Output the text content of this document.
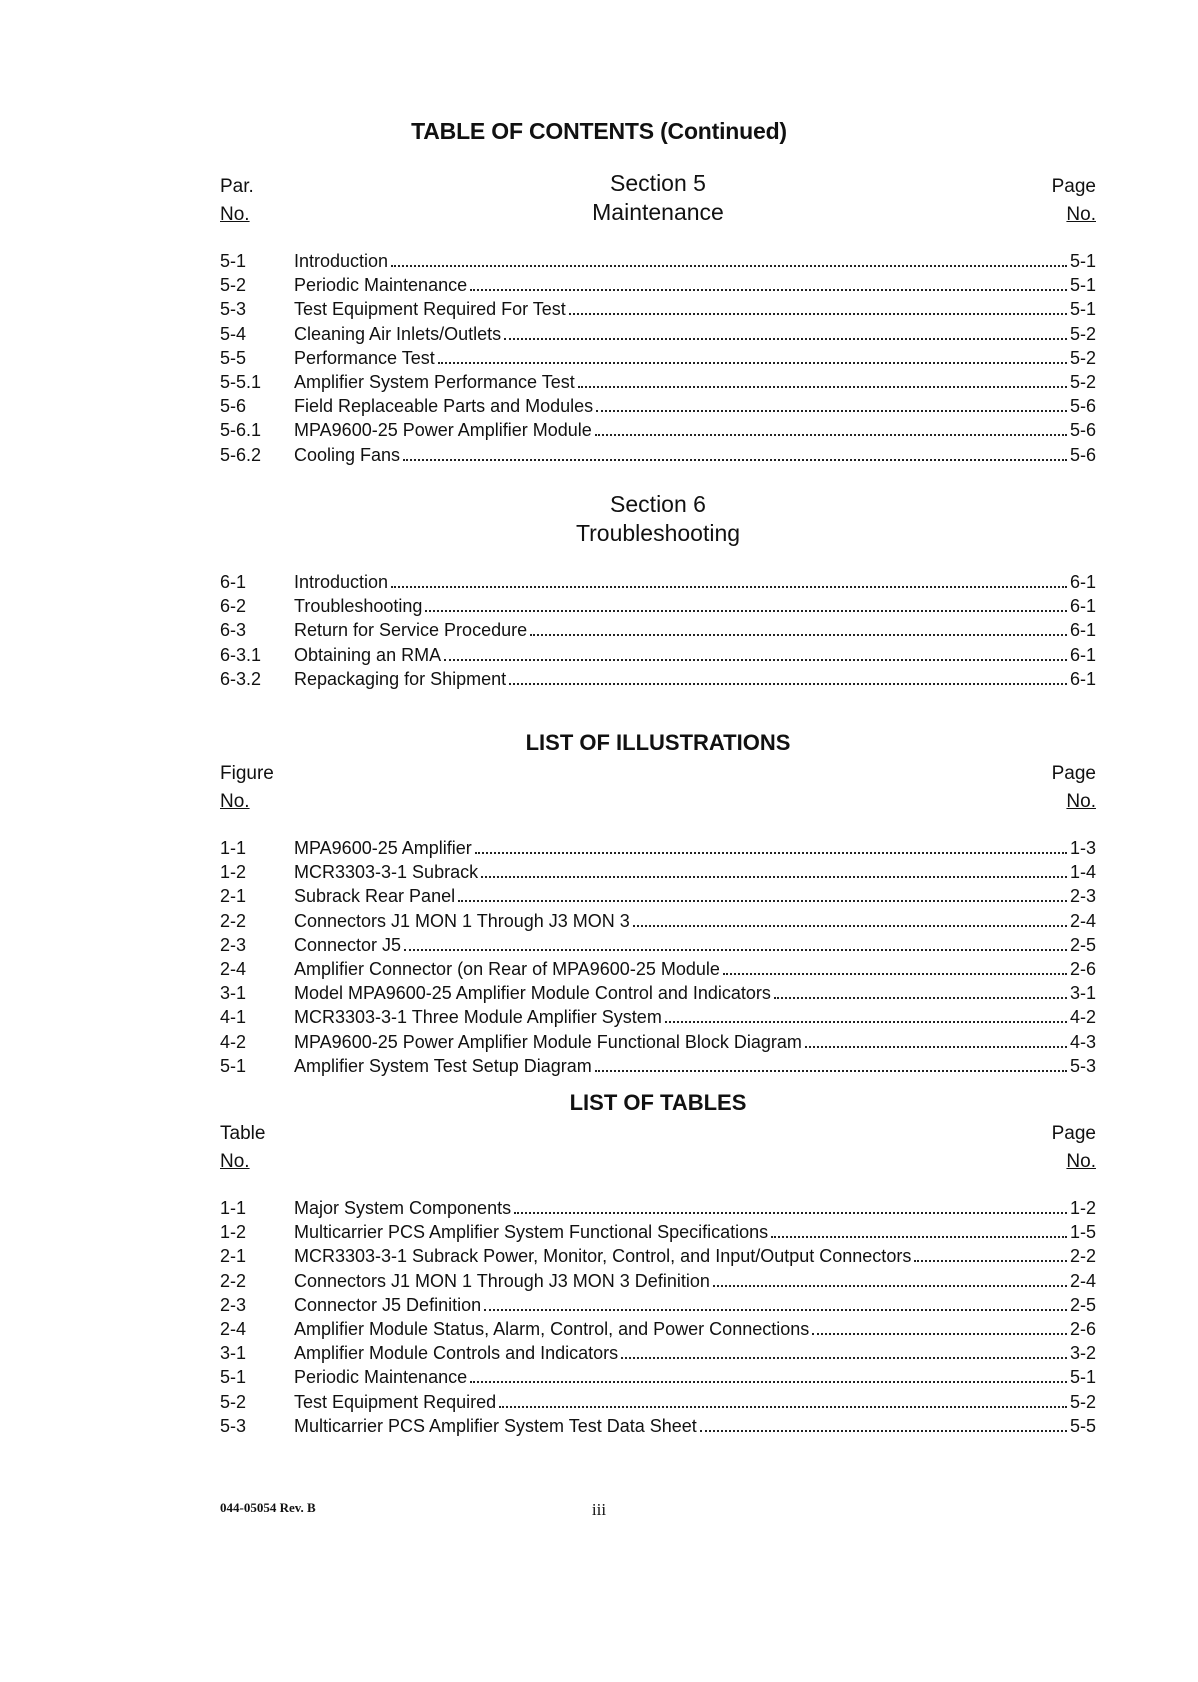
TABLE OF CONTENTS (Continued)
Par.
No.
Section 5
Maintenance
Page
No.
5-1	Introduction	5-1
5-2	Periodic Maintenance	5-1
5-3	Test Equipment Required For Test	5-1
5-4	Cleaning Air Inlets/Outlets	5-2
5-5	Performance Test	5-2
5-5.1 Amplifier System Performance Test	5-2
5-6	Field Replaceable Parts and Modules	5-6
5-6.1 MPA9600-25 Power Amplifier Module	5-6
5-6.2 Cooling Fans	5-6
Section 6
Troubleshooting
6-1	Introduction	6-1
6-2	Troubleshooting	6-1
6-3	Return for Service Procedure	6-1
6-3.1 Obtaining an RMA	6-1
6-3.2 Repackaging for Shipment	6-1
LIST OF ILLUSTRATIONS
Figure
No.
Page
No.
1-1	MPA9600-25 Amplifier	1-3
1-2	MCR3303-3-1 Subrack	1-4
2-1	Subrack Rear Panel	2-3
2-2	Connectors J1 MON 1 Through J3 MON 3	2-4
2-3	Connector J5	2-5
2-4	Amplifier Connector (on Rear of MPA9600-25 Module	2-6
3-1	Model MPA9600-25 Amplifier Module Control and Indicators	3-1
4-1	MCR3303-3-1 Three Module Amplifier System	4-2
4-2	MPA9600-25 Power Amplifier Module Functional Block Diagram	4-3
5-1	Amplifier System Test Setup Diagram	5-3
LIST OF TABLES
Table
No.
Page
No.
1-1	Major System Components	1-2
1-2	Multicarrier PCS Amplifier System Functional Specifications	1-5
2-1	MCR3303-3-1 Subrack Power, Monitor, Control, and Input/Output Connectors	2-2
2-2	Connectors J1 MON 1 Through J3 MON 3 Definition	2-4
2-3	Connector J5 Definition	2-5
2-4	Amplifier Module Status, Alarm, Control, and Power Connections	2-6
3-1	Amplifier Module Controls and Indicators	3-2
5-1	Periodic Maintenance	5-1
5-2	Test Equipment Required	5-2
5-3	Multicarrier PCS Amplifier System Test Data Sheet	5-5
044-05054 Rev. B	iii
